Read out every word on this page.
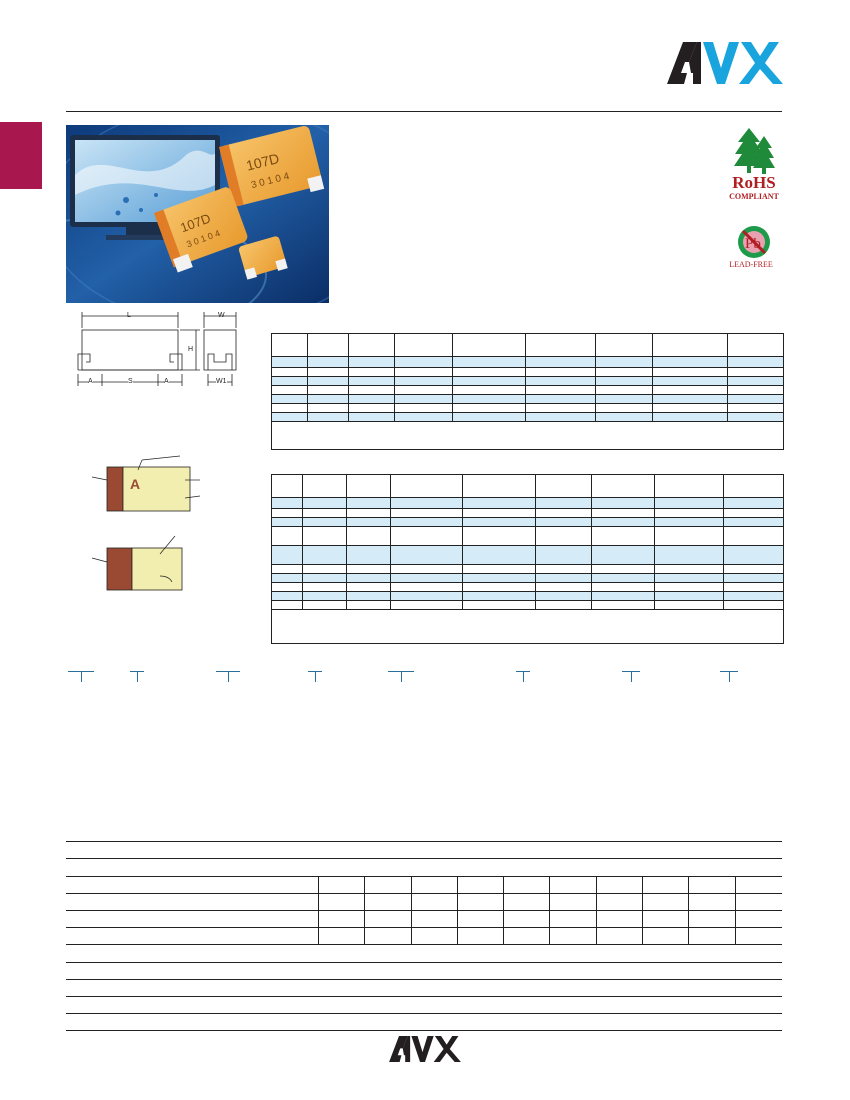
107D
3 0 1 0 4
107D
3 0 1 0 4
RoHS
COMPLIANT
Pb
LEAD-FREE
L	W
H
A	S	A	W1

A
